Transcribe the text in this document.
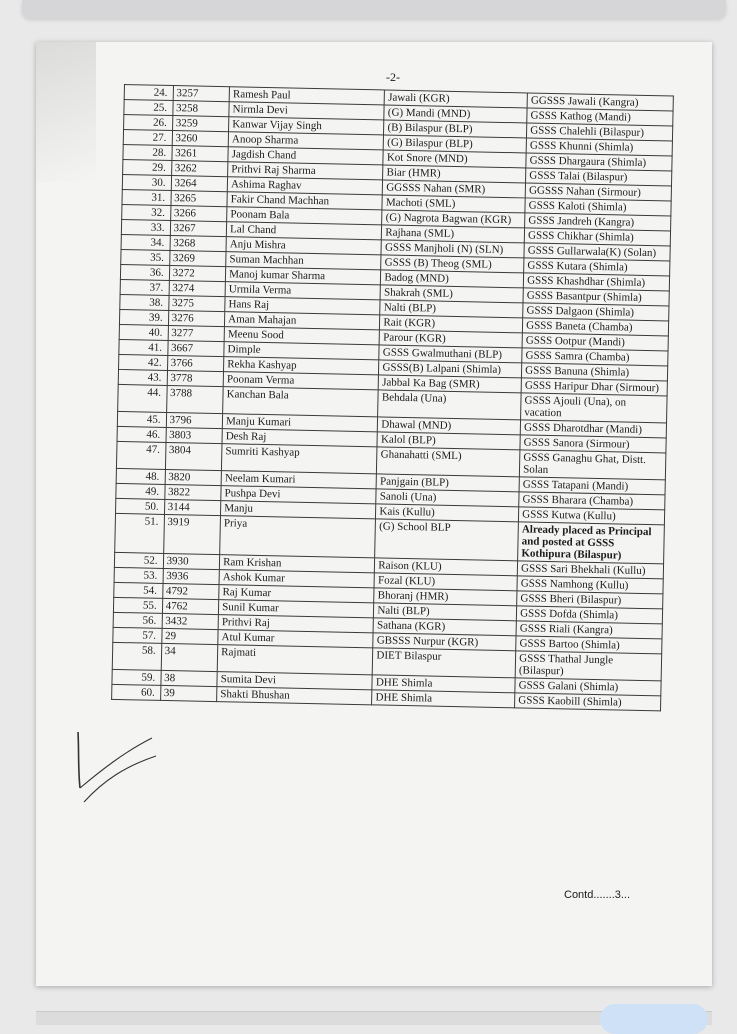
-2-
24.	3257	Ramesh Paul	Jawali (KGR)	GGSSS Jawali (Kangra)
25.	3258	Nirmla Devi	(G) Mandi (MND)	GSSS Kathog (Mandi)
26.	3259	Kanwar Vijay Singh	(B) Bilaspur (BLP)	GSSS Chalehli (Bilaspur)
27.	3260	Anoop Sharma	(G) Bilaspur (BLP)	GSSS Khunni (Shimla)
28.	3261	Jagdish Chand	Kot Snore (MND)	GSSS Dhargaura (Shimla)
29.	3262	Prithvi Raj Sharma	Biar (HMR)	GSSS Talai (Bilaspur)
30.	3264	Ashima Raghav	GGSSS Nahan (SMR)	GGSSS Nahan (Sirmour)
31.	3265	Fakir Chand Machhan	Machoti (SML)	GSSS Kaloti (Shimla)
32.	3266	Poonam Bala	(G) Nagrota Bagwan (KGR)	GSSS Jandreh (Kangra)
33.	3267	Lal Chand	Rajhana (SML)	GSSS Chikhar (Shimla)
34.	3268	Anju Mishra	GSSS Manjholi (N) (SLN)	GSSS Gullarwala(K) (Solan)
35.	3269	Suman Machhan	GSSS (B) Theog (SML)	GSSS Kutara (Shimla)
36.	3272	Manoj kumar Sharma	Badog (MND)	GSSS Khashdhar (Shimla)
37.	3274	Urmila Verma	Shakrah (SML)	GSSS Basantpur (Shimla)
38.	3275	Hans Raj	Nalti (BLP)	GSSS Dalgaon (Shimla)
39.	3276	Aman Mahajan	Rait (KGR)	GSSS Baneta (Chamba)
40.	3277	Meenu Sood	Parour (KGR)	GSSS Ootpur (Mandi)
41.	3667	Dimple	GSSS Gwalmuthani (BLP)	GSSS Samra (Chamba)
42.	3766	Rekha Kashyap	GSSS(B) Lalpani (Shimla)	GSSS Banuna (Shimla)
43.	3778	Poonam Verma	Jabbal Ka Bag (SMR)	GSSS Haripur Dhar (Sirmour)
44.	3788	Kanchan Bala	Behdala (Una)	GSSS Ajouli (Una), on vacation
45.	3796	Manju Kumari	Dhawal (MND)	GSSS Dharotdhar (Mandi)
46.	3803	Desh Raj	Kalol (BLP)	GSSS Sanora (Sirmour)
47.	3804	Sumriti Kashyap	Ghanahatti (SML)	GSSS Ganaghu Ghat, Distt. Solan
48.	3820	Neelam Kumari	Panjgain (BLP)	GSSS Tatapani (Mandi)
49.	3822	Pushpa Devi	Sanoli (Una)	GSSS Bharara (Chamba)
50.	3144	Manju	Kais (Kullu)	GSSS Kutwa (Kullu)
51.	3919	Priya	(G) School BLP	Already placed as Principal and posted at GSSS Kothipura (Bilaspur)
52.	3930	Ram Krishan	Raison (KLU)	GSSS Sari Bhekhali (Kullu)
53.	3936	Ashok Kumar	Fozal (KLU)	GSSS Namhong (Kullu)
54.	4792	Raj Kumar	Bhoranj (HMR)	GSSS Bheri (Bilaspur)
55.	4762	Sunil Kumar	Nalti (BLP)	GSSS Dofda (Shimla)
56.	3432	Prithvi Raj	Sathana (KGR)	GSSS Riali (Kangra)
57.	29	Atul Kumar	GBSSS Nurpur (KGR)	GSSS Bartoo (Shimla)
58.	34	Rajmati	DIET Bilaspur	GSSS Thathal Jungle (Bilaspur)
59.	38	Sumita Devi	DHE Shimla	GSSS Galani (Shimla)
60.	39	Shakti Bhushan	DHE Shimla	GSSS Kaobill (Shimla)
Contd.......3...
